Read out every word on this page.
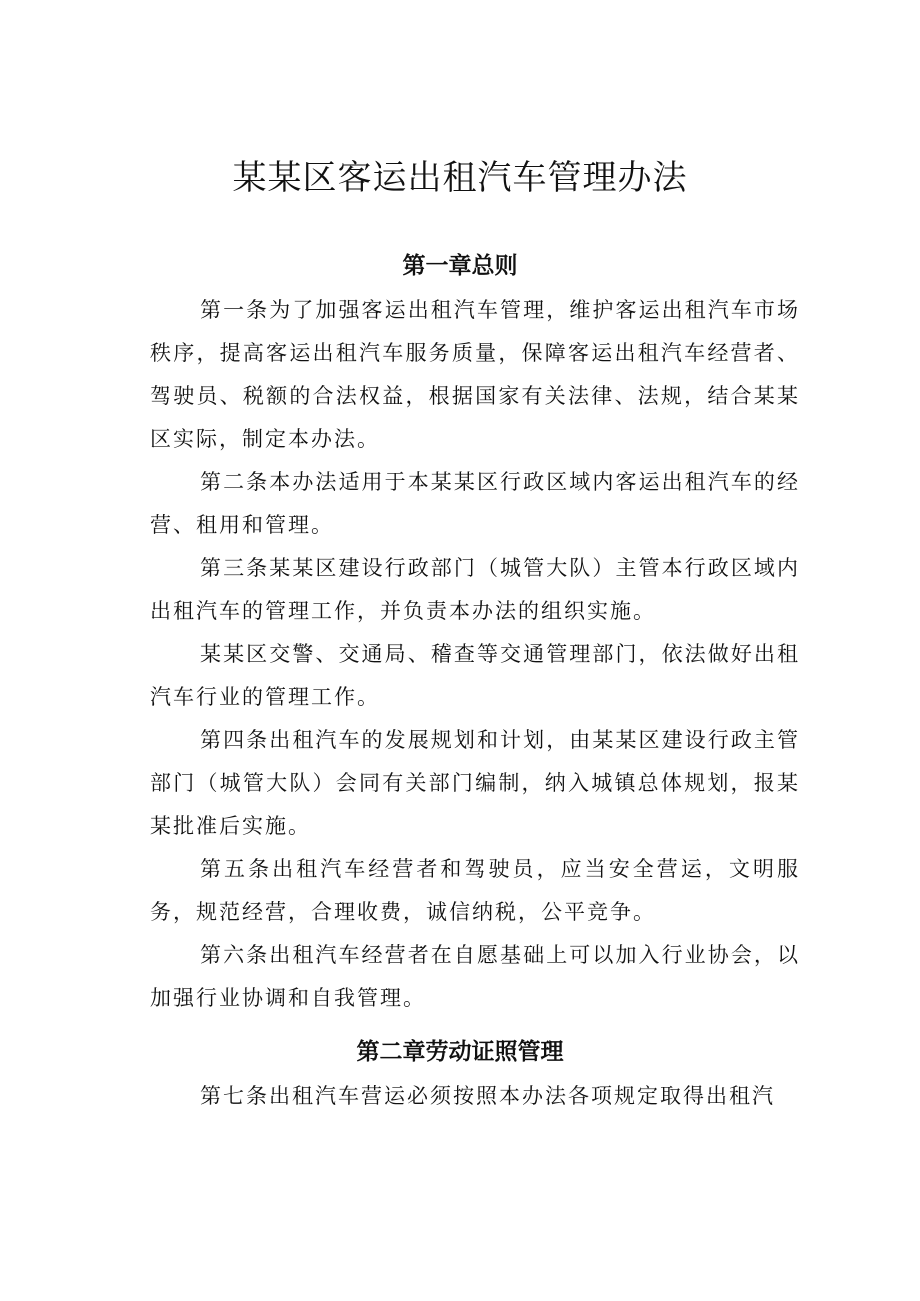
某某区客运出租汽车管理办法
第一章总则

第一条为了加强客运出租汽车管理，维护客运出租汽车市场秩序，提高客运出租汽车服务质量，保障客运出租汽车经营者、驾驶员、税额的合法权益，根据国家有关法律、法规，结合某某区实际，制定本办法。

第二条本办法适用于本某某区行政区域内客运出租汽车的经营、租用和管理。

第三条某某区建设行政部门（城管大队）主管本行政区域内出租汽车的管理工作，并负责本办法的组织实施。

某某区交警、交通局、稽查等交通管理部门，依法做好出租汽车行业的管理工作。

第四条出租汽车的发展规划和计划，由某某区建设行政主管部门（城管大队）会同有关部门编制，纳入城镇总体规划，报某某批准后实施。

第五条出租汽车经营者和驾驶员，应当安全营运，文明服务，规范经营，合理收费，诚信纳税，公平竞争。

第六条出租汽车经营者在自愿基础上可以加入行业协会，以加强行业协调和自我管理。

第二章劳动证照管理

第七条出租汽车营运必须按照本办法各项规定取得出租汽
